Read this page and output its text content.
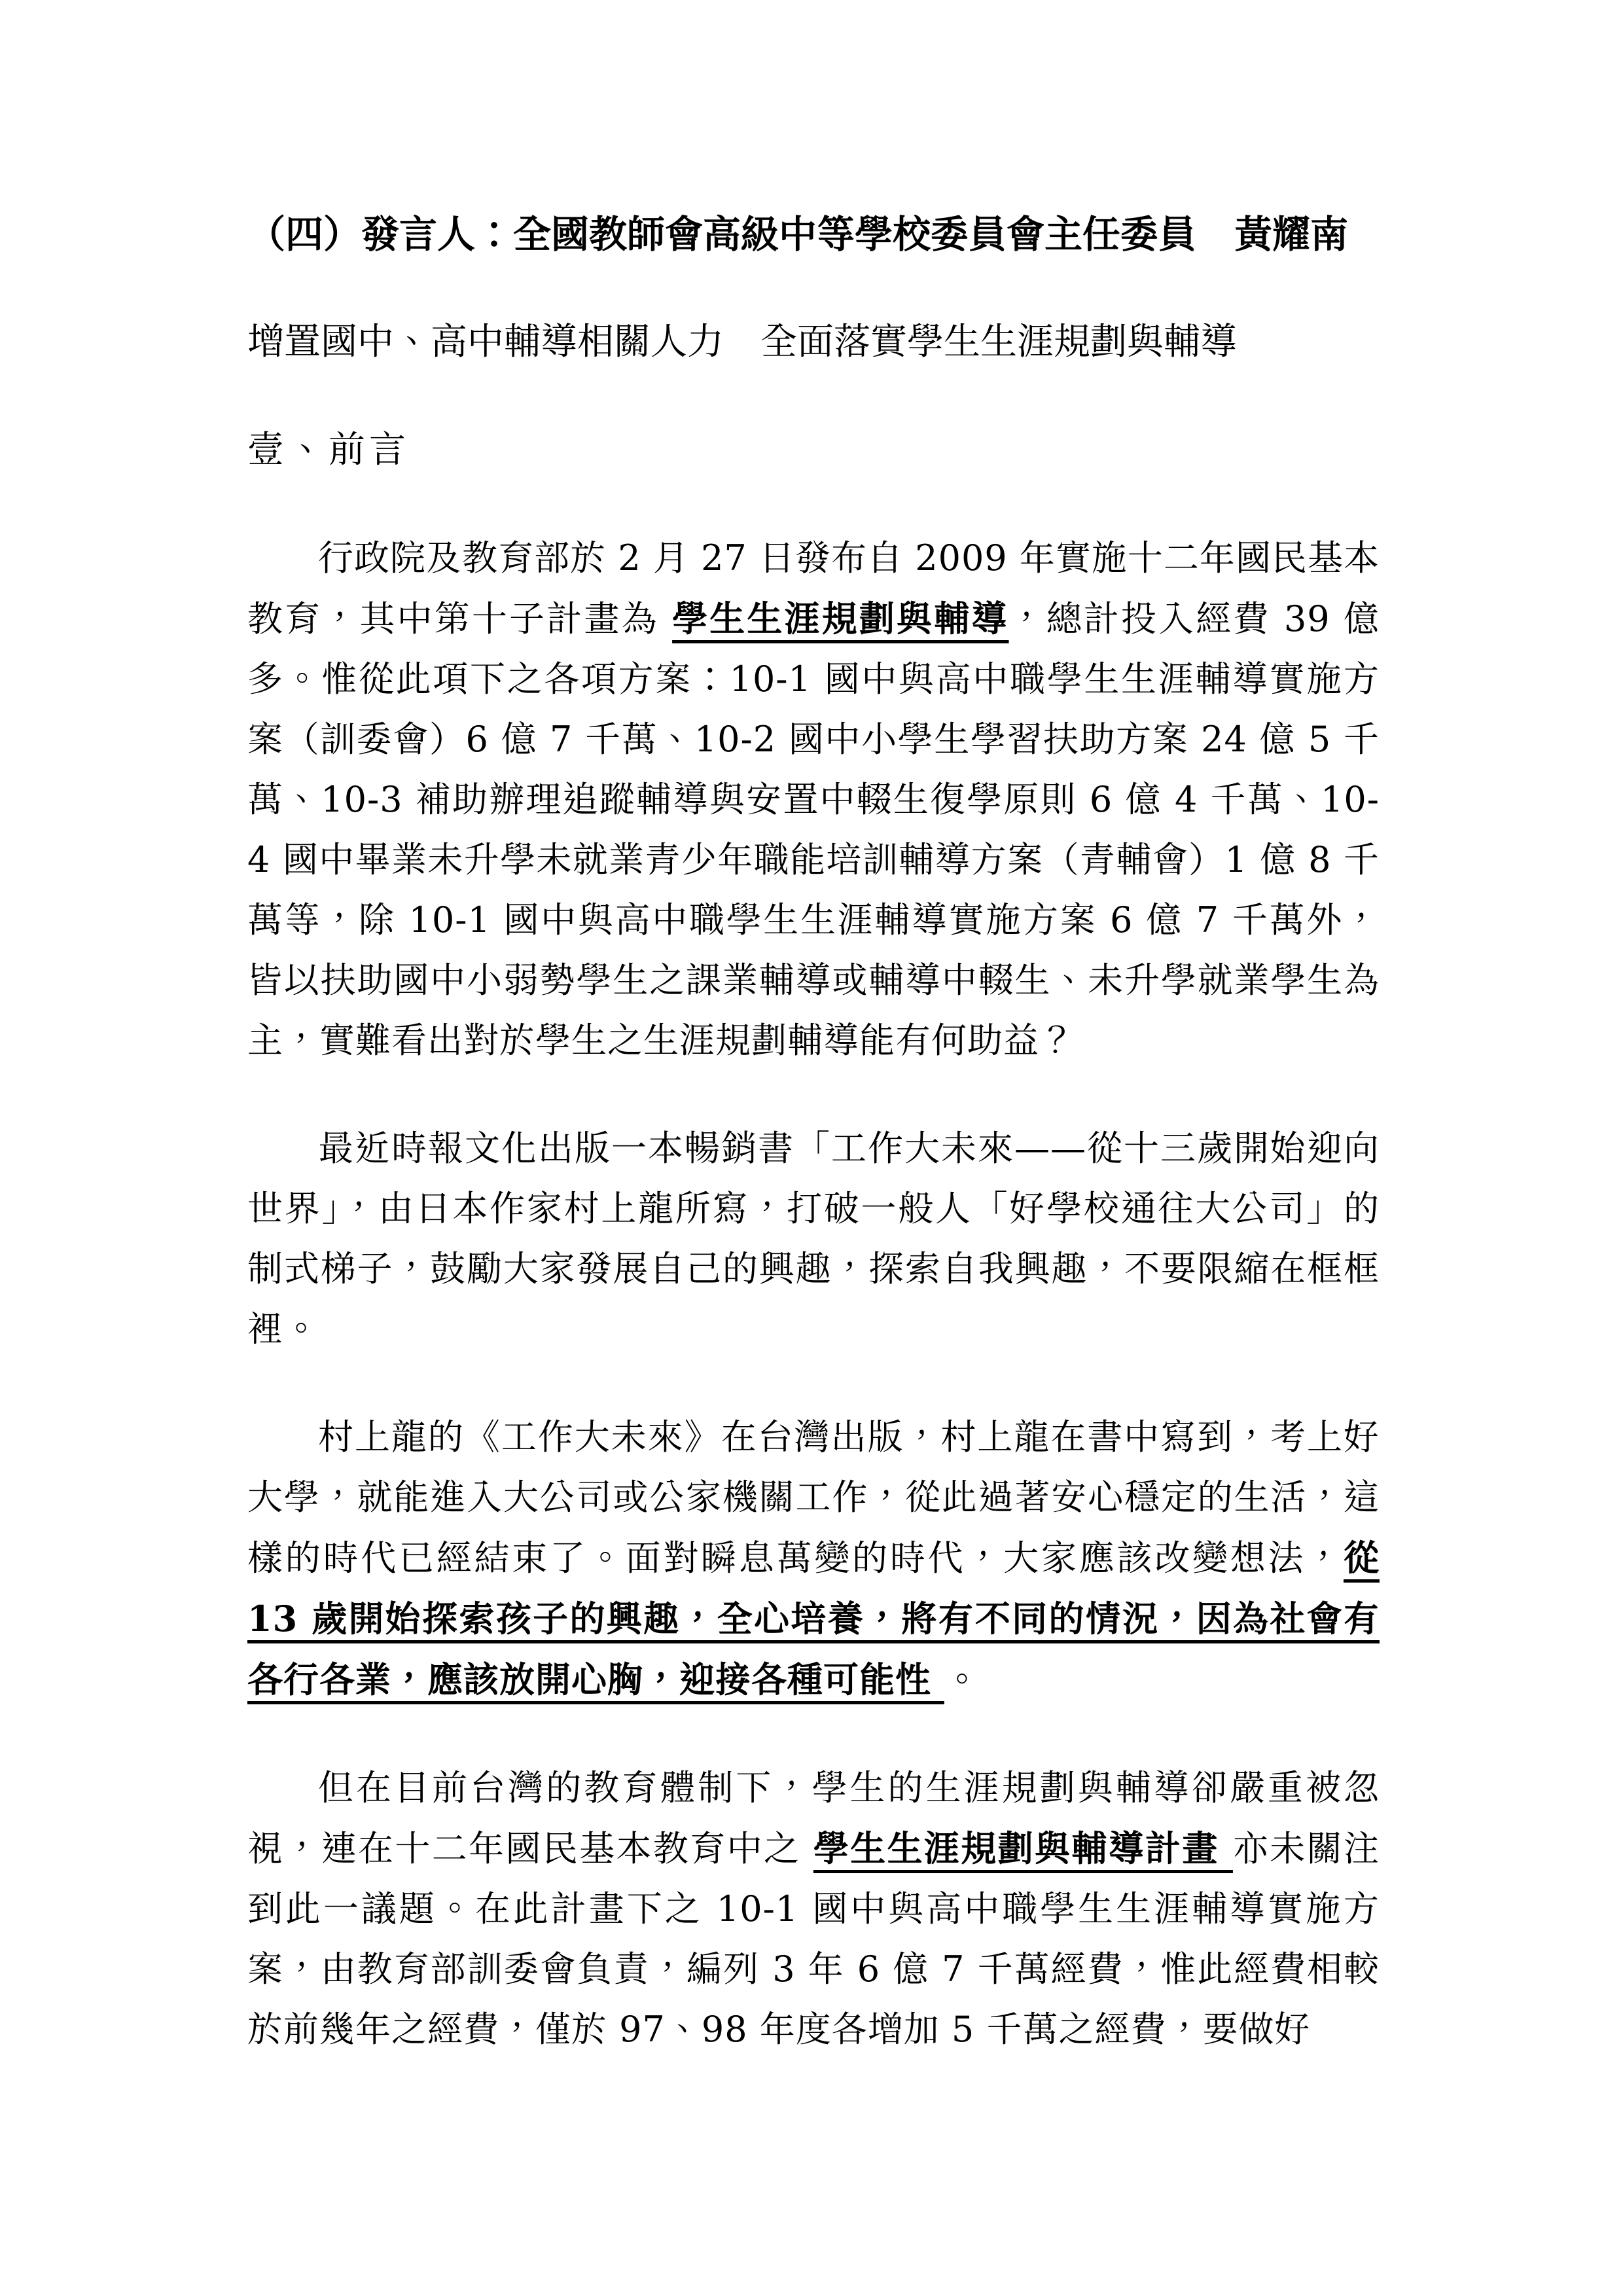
（四）發言人：全國教師會高級中等學校委員會主任委員　黃耀南
增置國中、高中輔導相關人力　全面落實學生生涯規劃與輔導
壹、前言

行政院及教育部於 2 月 27 日發布自 2009 年實施十二年國民基本教育，其中第十子計畫為 學生生涯規劃與輔導，總計投入經費 39 億多。惟從此項下之各項方案：10-1 國中與高中職學生生涯輔導實施方案（訓委會）6 億 7 千萬、10-2 國中小學生學習扶助方案 24 億 5 千萬、10-3 補助辦理追蹤輔導與安置中輟生復學原則 6 億 4 千萬、10-4 國中畢業未升學未就業青少年職能培訓輔導方案（青輔會）1 億 8 千萬等，除 10-1 國中與高中職學生生涯輔導實施方案 6 億 7 千萬外，皆以扶助國中小弱勢學生之課業輔導或輔導中輟生、未升學就業學生為主，實難看出對於學生之生涯規劃輔導能有何助益？

最近時報文化出版一本暢銷書「工作大未來——從十三歲開始迎向世界」，由日本作家村上龍所寫，打破一般人「好學校通往大公司」的制式梯子，鼓勵大家發展自己的興趣，探索自我興趣，不要限縮在框框裡。

村上龍的《工作大未來》在台灣出版，村上龍在書中寫到，考上好大學，就能進入大公司或公家機關工作，從此過著安心穩定的生活，這樣的時代已經結束了。面對瞬息萬變的時代，大家應該改變想法，從 13 歲開始探索孩子的興趣，全心培養，將有不同的情況，因為社會有各行各業，應該放開心胸，迎接各種可能性 。

但在目前台灣的教育體制下，學生的生涯規劃與輔導卻嚴重被忽視，連在十二年國民基本教育中之 學生生涯規劃與輔導計畫 亦未關注到此一議題。在此計畫下之 10-1 國中與高中職學生生涯輔導實施方案，由教育部訓委會負責，編列 3 年 6 億 7 千萬經費，惟此經費相較於前幾年之經費，僅於 97、98 年度各增加 5 千萬之經費，要做好
